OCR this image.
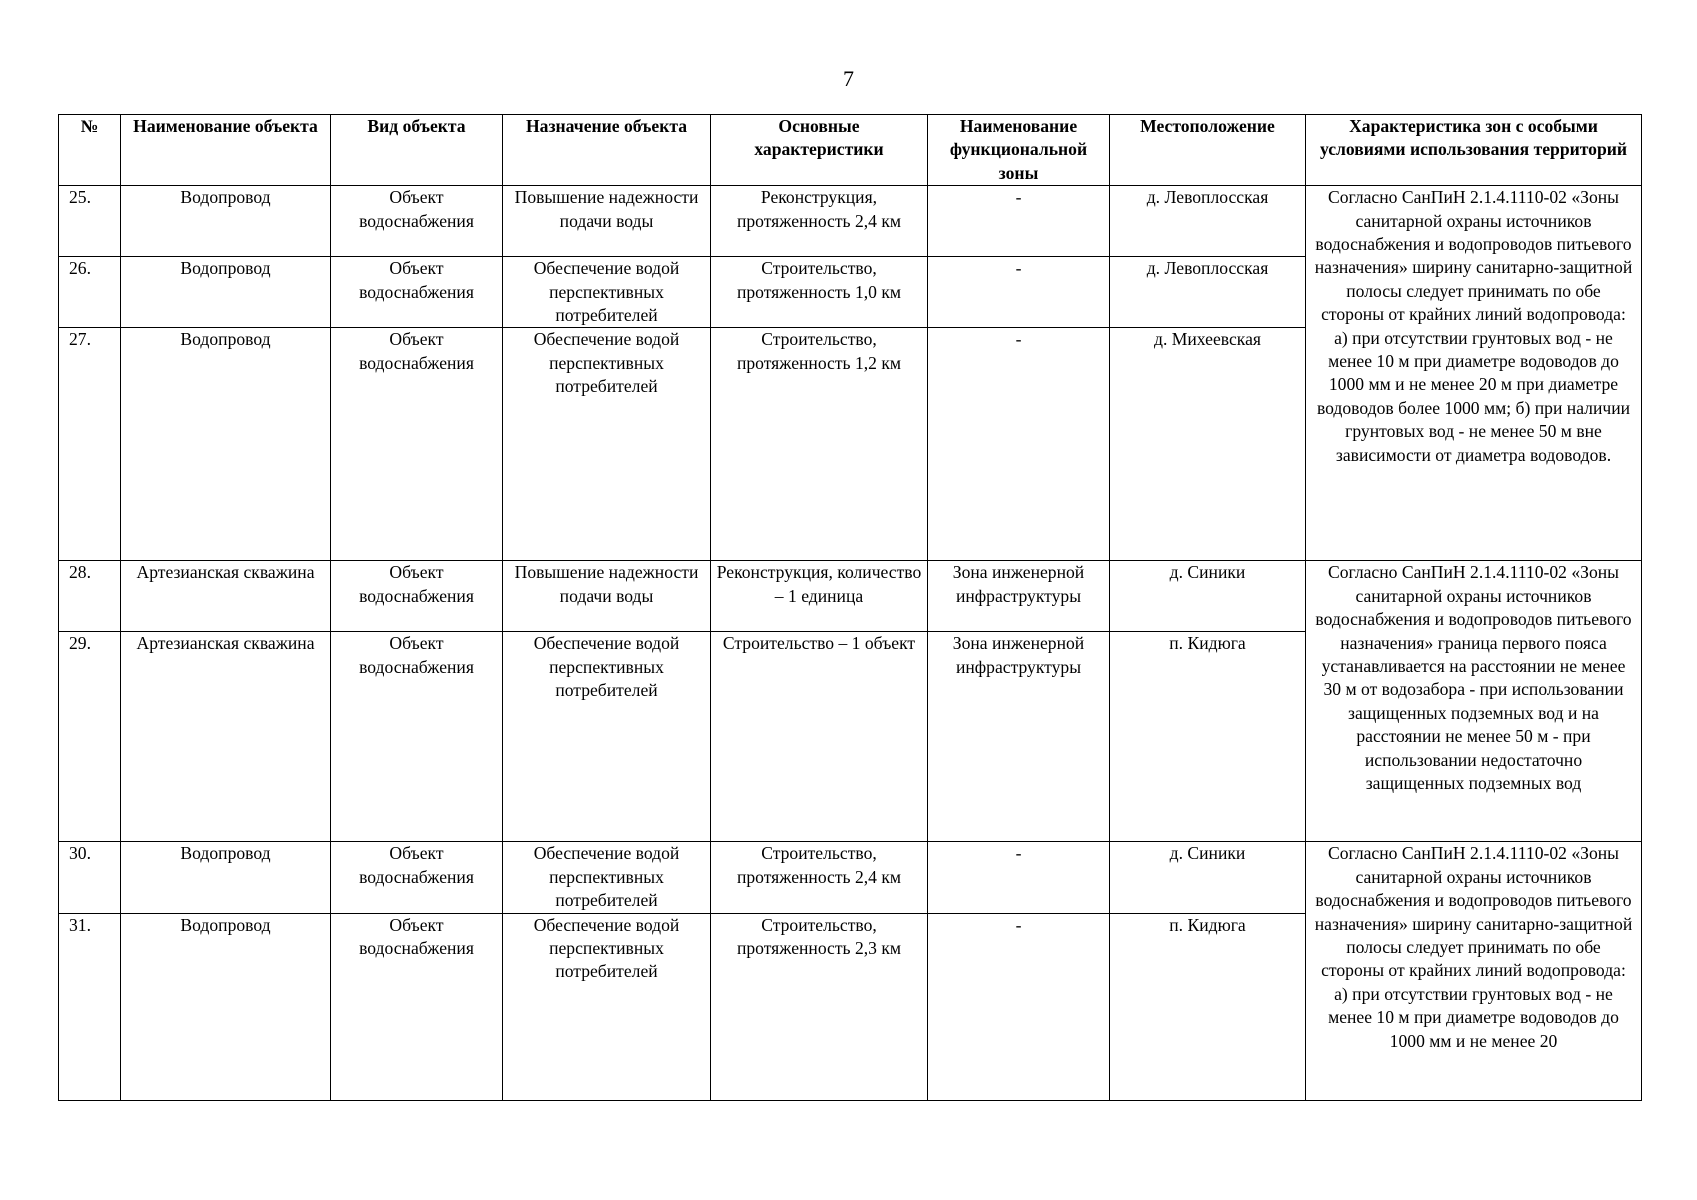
7
№	Наименование объекта	Вид объекта	Назначение объекта	Основные характеристики	Наименование функциональной зоны	Местоположение	Характеристика зон с особыми условиями использования территорий
25.	Водопровод	Объект водоснабжения	Повышение надежности подачи воды	Реконструкция, протяженность 2,4 км	-	д. Левоплосская	Согласно СанПиН 2.1.4.1110-02 «Зоны санитарной охраны источников водоснабжения и водопроводов питьевого назначения» ширину санитарно-защитной полосы следует принимать по обе стороны от крайних линий водопровода: а) при отсутствии грунтовых вод - не менее 10 м при диаметре водоводов до 1000 мм и не менее 20 м при диаметре водоводов более 1000 мм; б) при наличии грунтовых вод - не менее 50 м вне зависимости от диаметра водоводов.
26.	Водопровод	Объект водоснабжения	Обеспечение водой перспективных потребителей	Строительство, протяженность 1,0 км	-	д. Левоплосская	
27.	Водопровод	Объект водоснабжения	Обеспечение водой перспективных потребителей	Строительство, протяженность 1,2 км	-	д. Михеевская	
28.	Артезианская скважина	Объект водоснабжения	Повышение надежности подачи воды	Реконструкция, количество – 1 единица	Зона инженерной инфраструктуры	д. Синики	Согласно СанПиН 2.1.4.1110-02 «Зоны санитарной охраны источников водоснабжения и водопроводов питьевого назначения» граница первого пояса устанавливается на расстоянии не менее 30 м от водозабора - при использовании защищенных подземных вод и на расстоянии не менее 50 м - при использовании недостаточно защищенных подземных вод
29.	Артезианская скважина	Объект водоснабжения	Обеспечение водой перспективных потребителей	Строительство – 1 объект	Зона инженерной инфраструктуры	п. Кидюга	
30.	Водопровод	Объект водоснабжения	Обеспечение водой перспективных потребителей	Строительство, протяженность 2,4 км	-	д. Синики	Согласно СанПиН 2.1.4.1110-02 «Зоны санитарной охраны источников водоснабжения и водопроводов питьевого назначения» ширину санитарно-защитной полосы следует принимать по обе стороны от крайних линий водопровода: а) при отсутствии грунтовых вод - не менее 10 м при диаметре водоводов до 1000 мм и не менее 20
31.	Водопровод	Объект водоснабжения	Обеспечение водой перспективных потребителей	Строительство, протяженность 2,3 км	-	п. Кидюга	
